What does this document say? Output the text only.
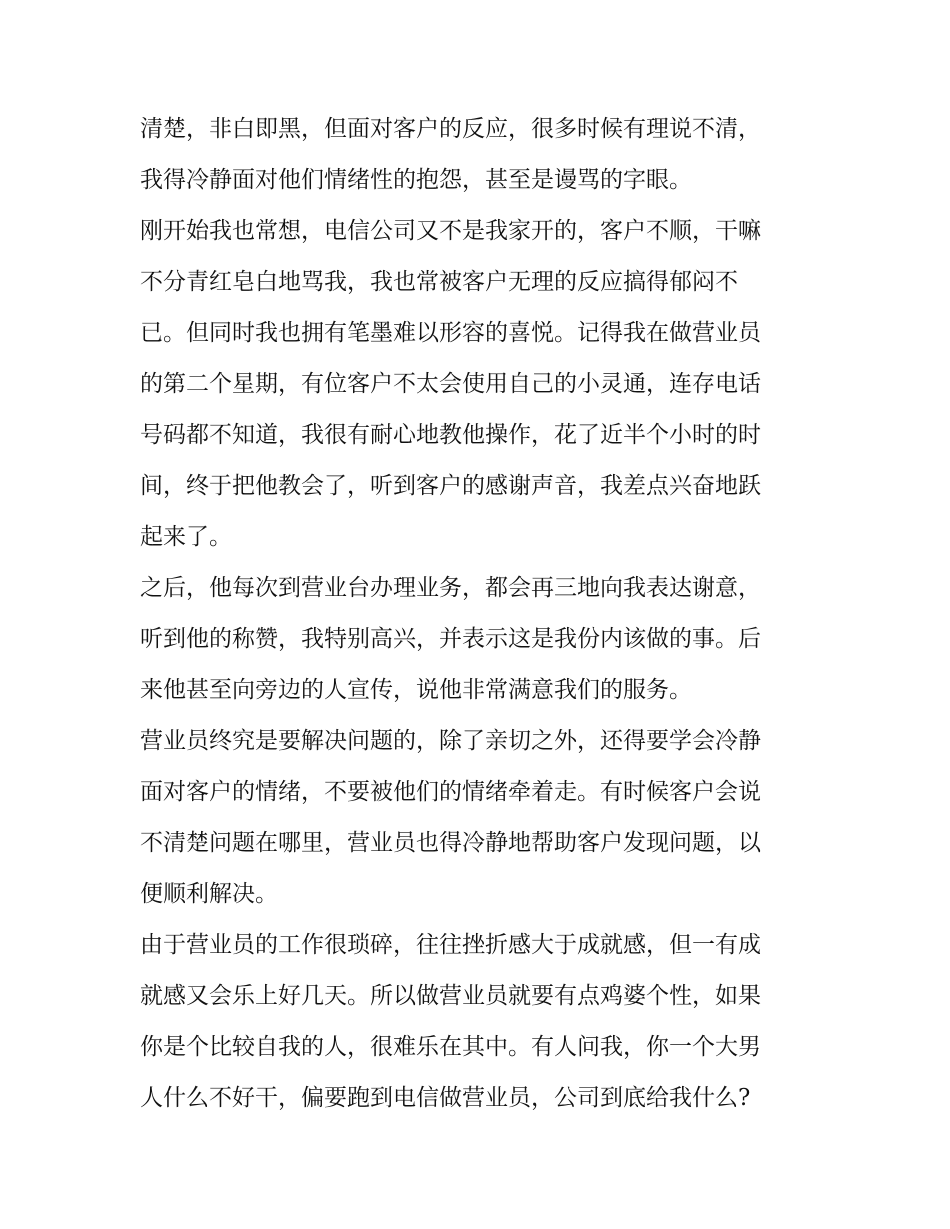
清楚，非白即黑，但面对客户的反应，很多时候有理说不清，
我得冷静面对他们情绪性的抱怨，甚至是谩骂的字眼。
刚开始我也常想，电信公司又不是我家开的，客户不顺，干嘛
不分青红皂白地骂我，我也常被客户无理的反应搞得郁闷不
已。但同时我也拥有笔墨难以形容的喜悦。记得我在做营业员
的第二个星期，有位客户不太会使用自己的小灵通，连存电话
号码都不知道，我很有耐心地教他操作，花了近半个小时的时
间，终于把他教会了，听到客户的感谢声音，我差点兴奋地跃
起来了。
之后，他每次到营业台办理业务，都会再三地向我表达谢意，
听到他的称赞，我特别高兴，并表示这是我份内该做的事。后
来他甚至向旁边的人宣传，说他非常满意我们的服务。
营业员终究是要解决问题的，除了亲切之外，还得要学会冷静
面对客户的情绪，不要被他们的情绪牵着走。有时候客户会说
不清楚问题在哪里，营业员也得冷静地帮助客户发现问题，以
便顺利解决。
由于营业员的工作很琐碎，往往挫折感大于成就感，但一有成
就感又会乐上好几天。所以做营业员就要有点鸡婆个性，如果
你是个比较自我的人，很难乐在其中。有人问我，你一个大男
人什么不好干，偏要跑到电信做营业员，公司到底给我什么?
